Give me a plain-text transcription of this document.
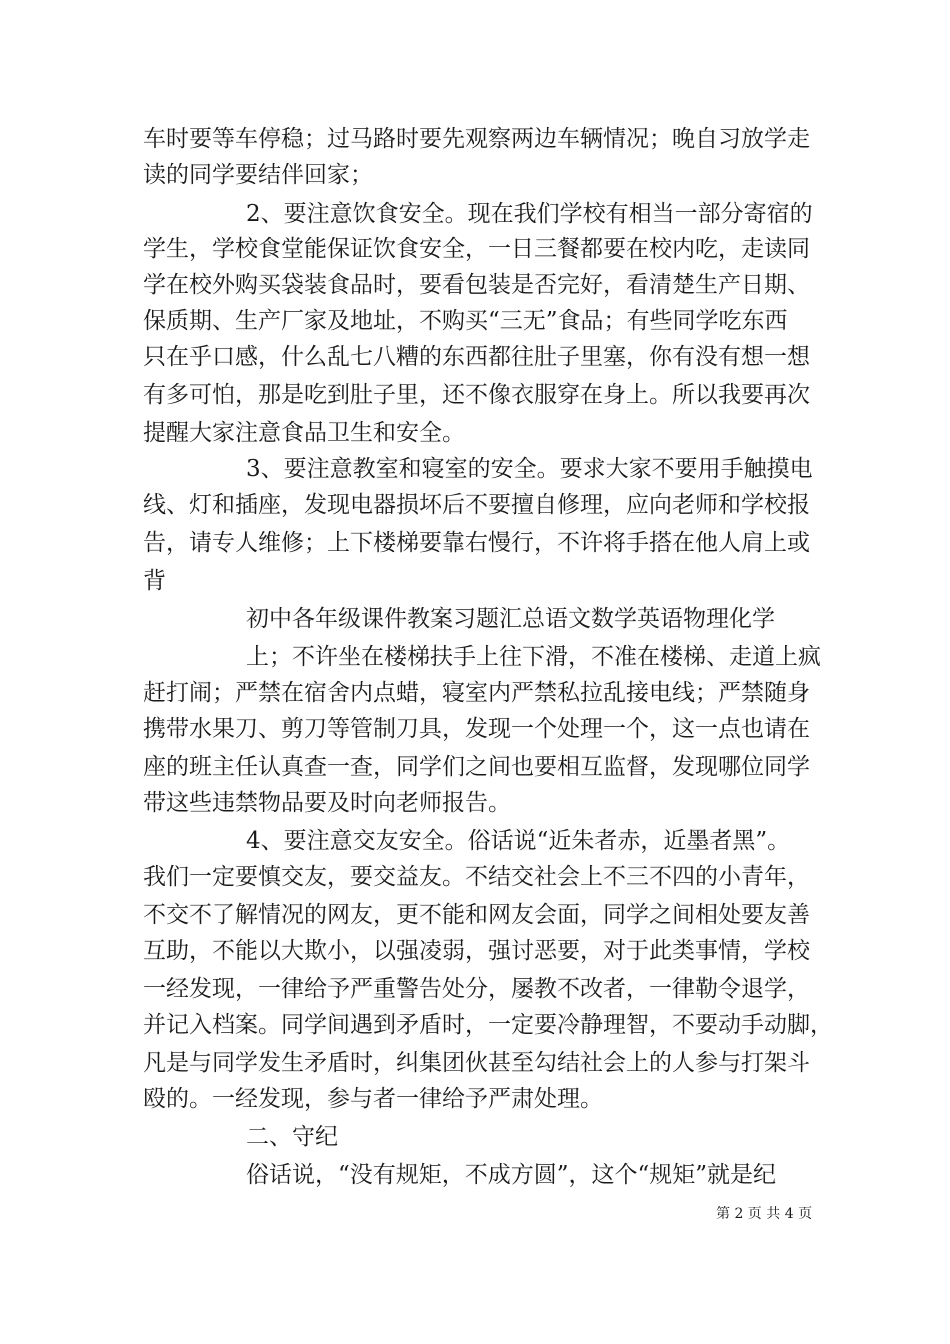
车时要等车停稳；过马路时要先观察两边车辆情况；晚自习放学走
读的同学要结伴回家；
2、要注意饮食安全。现在我们学校有相当一部分寄宿的
学生，学校食堂能保证饮食安全，一日三餐都要在校内吃，走读同
学在校外购买袋装食品时，要看包装是否完好，看清楚生产日期、
保质期、生产厂家及地址，不购买“三无”食品；有些同学吃东西
只在乎口感，什么乱七八糟的东西都往肚子里塞，你有没有想一想
有多可怕，那是吃到肚子里，还不像衣服穿在身上。所以我要再次
提醒大家注意食品卫生和安全。
3、要注意教室和寝室的安全。要求大家不要用手触摸电
线、灯和插座，发现电器损坏后不要擅自修理，应向老师和学校报
告，请专人维修；上下楼梯要靠右慢行，不许将手搭在他人肩上或
背
初中各年级课件教案习题汇总语文数学英语物理化学
上；不许坐在楼梯扶手上往下滑，不准在楼梯、走道上疯
赶打闹；严禁在宿舍内点蜡，寝室内严禁私拉乱接电线；严禁随身
携带水果刀、剪刀等管制刀具，发现一个处理一个，这一点也请在
座的班主任认真查一查，同学们之间也要相互监督，发现哪位同学
带这些违禁物品要及时向老师报告。
4、要注意交友安全。俗话说“近朱者赤，近墨者黑”。
我们一定要慎交友，要交益友。不结交社会上不三不四的小青年，
不交不了解情况的网友，更不能和网友会面，同学之间相处要友善
互助，不能以大欺小，以强凌弱，强讨恶要，对于此类事情，学校
一经发现，一律给予严重警告处分，屡教不改者，一律勒令退学，
并记入档案。同学间遇到矛盾时，一定要冷静理智，不要动手动脚，
凡是与同学发生矛盾时，纠集团伙甚至勾结社会上的人参与打架斗
殴的。一经发现，参与者一律给予严肃处理。
二、守纪
俗话说，“没有规矩，不成方圆”，这个“规矩”就是纪
第 2 页 共 4 页
